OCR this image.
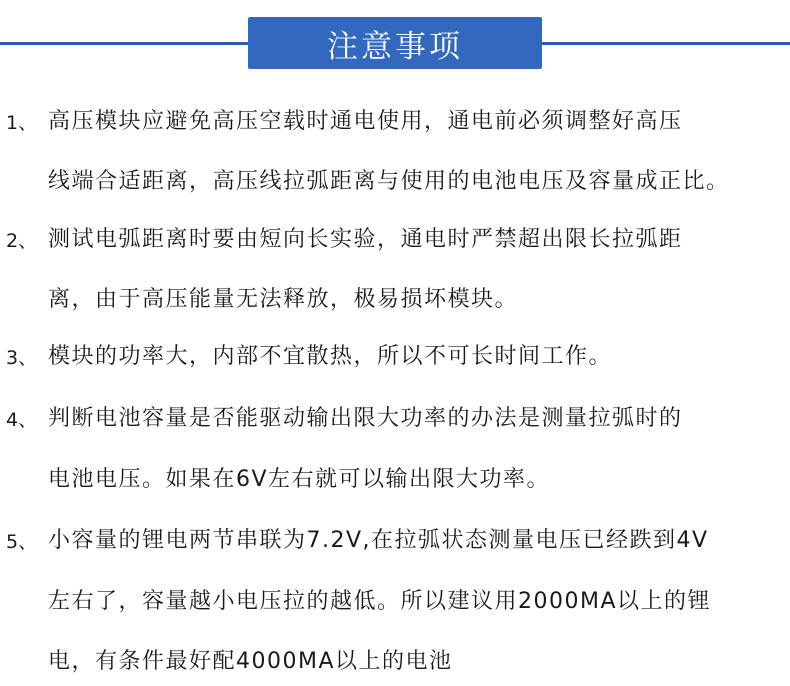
注意事项
1、 高压模块应避免高压空载时通电使用，通电前必须调整好高压
线端合适距离，高压线拉弧距离与使用的电池电压及容量成正比。
2、 测试电弧距离时要由短向长实验，通电时严禁超出限长拉弧距
离，由于高压能量无法释放，极易损坏模块。
3、 模块的功率大，内部不宜散热，所以不可长时间工作。
4、 判断电池容量是否能驱动输出限大功率的办法是测量拉弧时的
电池电压。如果在6V左右就可以输出限大功率。
5、 小容量的锂电两节串联为7.2V,在拉弧状态测量电压已经跌到4V
左右了，容量越小电压拉的越低。所以建议用2000MA以上的锂
电，有条件最好配4000MA以上的电池
